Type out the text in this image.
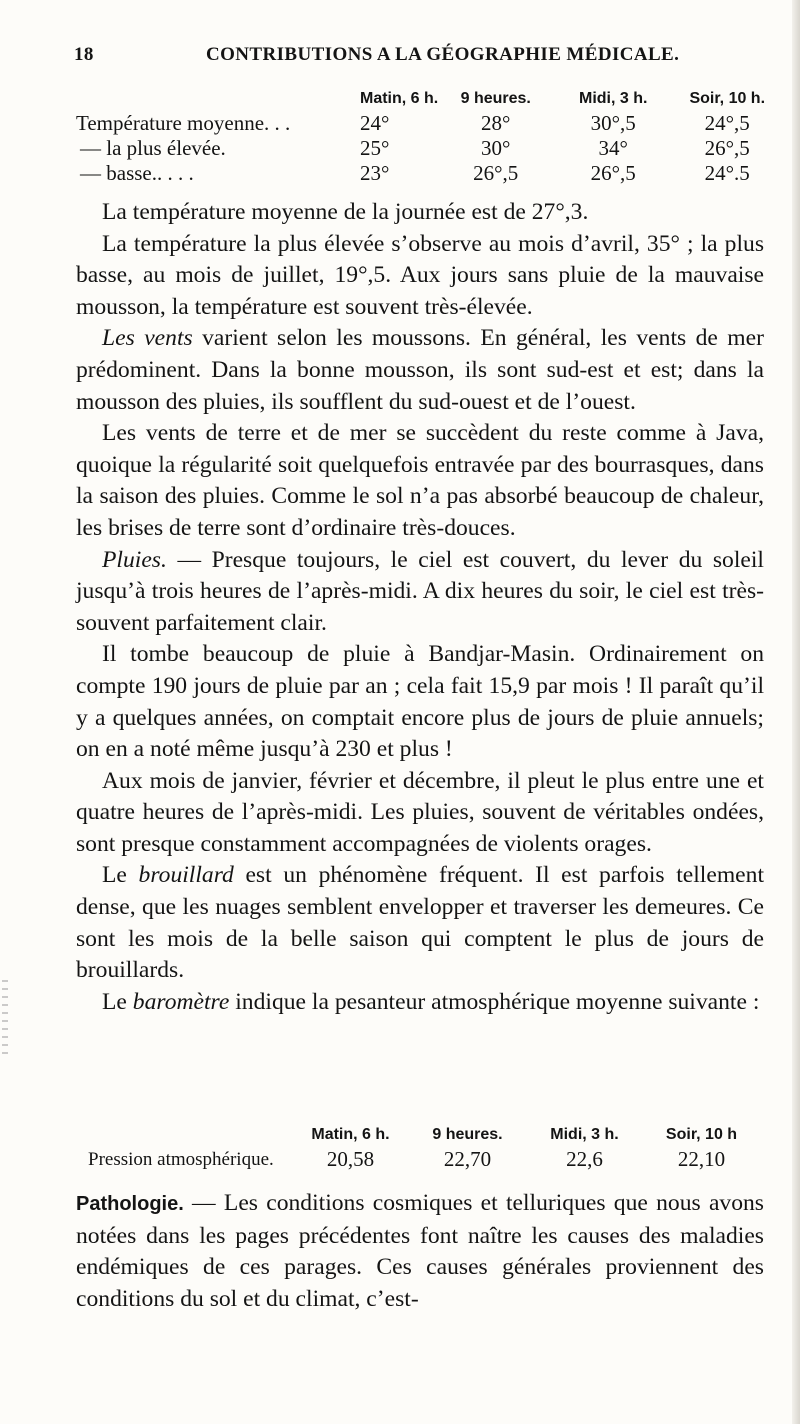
18	CONTRIBUTIONS A LA GÉOGRAPHIE MÉDICALE.
	Matin, 6 h.	9 heures.	Midi, 3 h.	Soir, 10 h.
Température moyenne. . .	24°	28°	30°,5	24°,5
— la plus élevée.	25°	30°	34°	26°,5
— basse.. . . .	23°	26°,5	26°,5	24°.5

La température moyenne de la journée est de 27°,3.

La température la plus élevée s’observe au mois d’avril, 35° ; la plus basse, au mois de juillet, 19°,5. Aux jours sans pluie de la mauvaise mousson, la température est souvent très-élevée.

Les vents varient selon les moussons. En général, les vents de mer prédominent. Dans la bonne mousson, ils sont sud-est et est; dans la mousson des pluies, ils soufflent du sud-ouest et de l’ouest.

Les vents de terre et de mer se succèdent du reste comme à Java, quoique la régularité soit quelquefois entravée par des bourrasques, dans la saison des pluies. Comme le sol n’a pas absorbé beaucoup de chaleur, les brises de terre sont d’ordinaire très-douces.

Pluies. — Presque toujours, le ciel est couvert, du lever du soleil jusqu’à trois heures de l’après-midi. A dix heures du soir, le ciel est très-souvent parfaitement clair.

Il tombe beaucoup de pluie à Bandjar-Masin. Ordinairement on compte 190 jours de pluie par an ; cela fait 15,9 par mois ! Il paraît qu’il y a quelques années, on comptait encore plus de jours de pluie annuels; on en a noté même jusqu’à 230 et plus !

Aux mois de janvier, février et décembre, il pleut le plus entre une et quatre heures de l’après-midi. Les pluies, souvent de véritables ondées, sont presque constamment accompagnées de violents orages.

Le brouillard est un phénomène fréquent. Il est parfois tellement dense, que les nuages semblent envelopper et traverser les demeures. Ce sont les mois de la belle saison qui comptent le plus de jours de brouillards.

Le baromètre indique la pesanteur atmosphérique moyenne suivante :

	Matin, 6 h.	9 heures.	Midi, 3 h.	Soir, 10 h
Pression atmosphérique.	20,58	22,70	22,6	22,10

Pathologie. — Les conditions cosmiques et telluriques que nous avons notées dans les pages précédentes font naître les causes des maladies endémiques de ces parages. Ces causes générales proviennent des conditions du sol et du climat, c’est-
